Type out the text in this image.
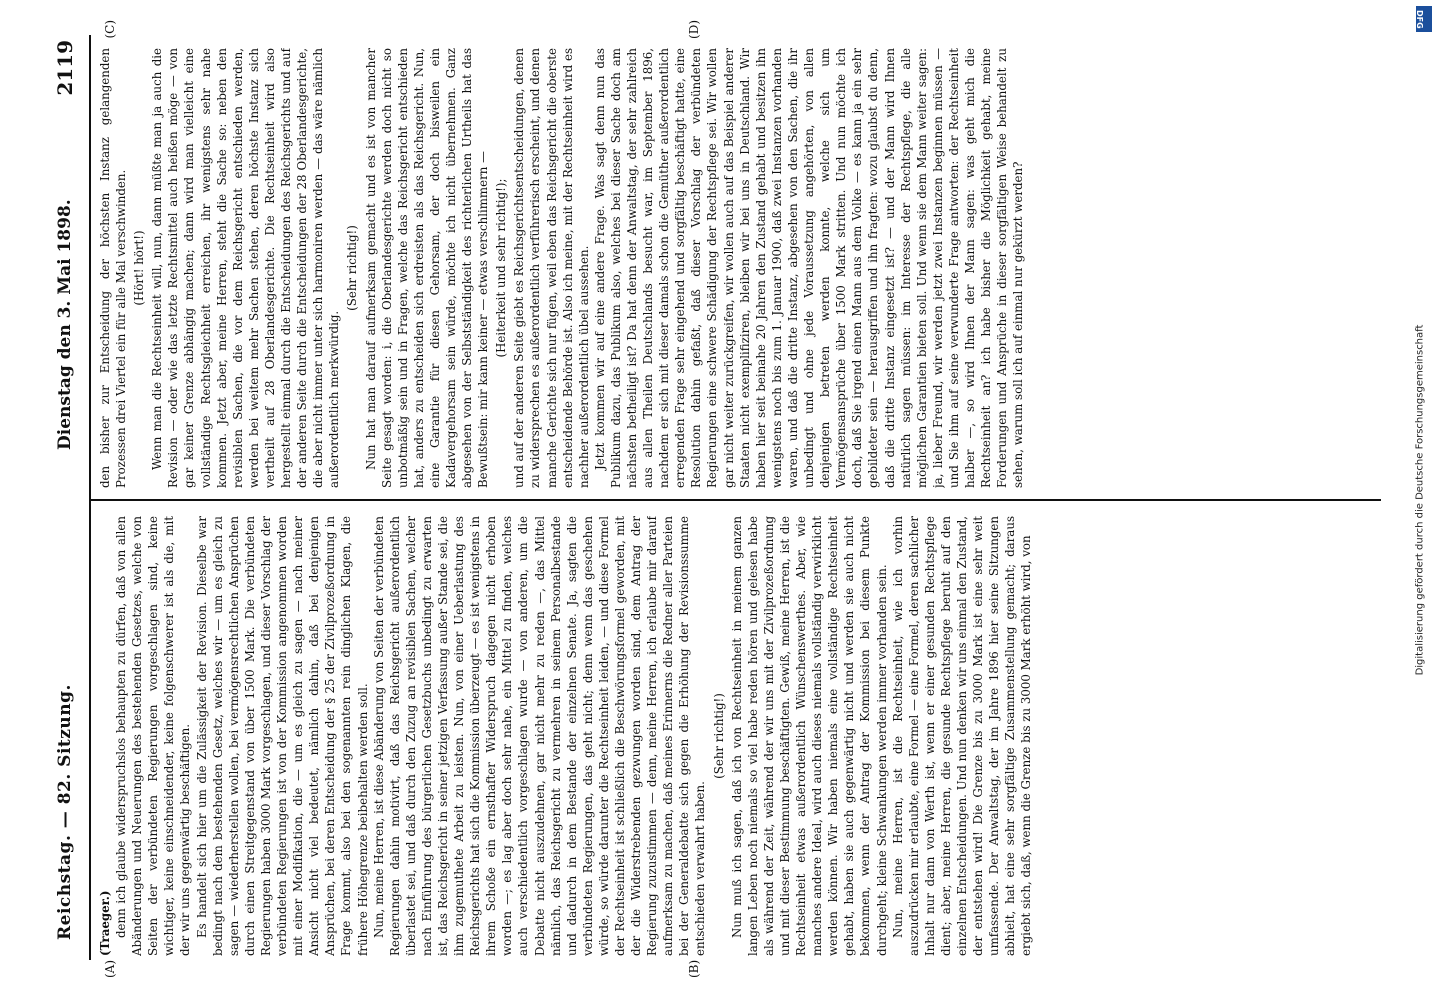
Reichstag. — 82. Sitzung.
Dienstag den 3. Mai 1898.
2119
(A)	(B)
(C)	(D)

(Traeger.) denn ich glaube widerspruchslos behaupten zu dürfen, daß von allen Abänderungen und Neuerungen des bestehenden Gesetzes, welche von Seiten der verbündeten Regierungen vorgeschlagen sind, keine wichtiger, keine einschneidender, keine folgenschwerer ist als die, mit der wir uns gegenwärtig beschäftigen. Es handelt sich hier um die Zulässigkeit der Revision. Dieselbe war bedingt nach dem bestehenden Gesetz, welches wir — um es gleich zu sagen — wiederherstellen wollen, bei vermögensrechtlichen Ansprüchen durch einen Streitgegenstand von über 1500 Mark. Die verbündeten Regierungen haben 3000 Mark vorgeschlagen, und dieser Vorschlag der verbündeten Regierungen ist von der Kommission angenommen worden mit einer Modifikation, die — um es gleich zu sagen — nach meiner Ansicht nicht viel bedeutet, nämlich dahin, daß bei denjenigen Ansprüchen, bei deren Entscheidung der § 25 der Zivilprozeßordnung in Frage kommt, also bei den sogenannten rein dinglichen Klagen, die frühere Höhegrenze beibehalten werden soll. Nun, meine Herren, ist diese Abänderung von Seiten der verbündeten Regierungen dahin motivirt, daß das Reichsgericht außerordentlich überlastet sei, und daß durch den Zuzug an revisiblen Sachen, welcher nach Einführung des bürgerlichen Gesetzbuchs unbedingt zu erwarten ist, das Reichsgericht in seiner jetzigen Verfassung außer Stande sei, die ihm zugemuthete Arbeit zu leisten. Nun, von einer Ueberlastung des Reichsgerichts hat sich die Kommission überzeugt — es ist wenigstens in ihrem Schoße ein ernsthafter Widerspruch dagegen nicht erhoben worden —; es lag aber doch sehr nahe, ein Mittel zu finden, welches auch verschiedentlich vorgeschlagen wurde — von anderen, um die Debatte nicht auszudehnen, gar nicht mehr zu reden —, das Mittel nämlich, das Reichsgericht zu vermehren in seinem Personalbestande und dadurch in dem Bestande der einzelnen Senate. Ja, sagten die verbündeten Regierungen, das geht nicht; denn wenn das geschehen würde, so würde darunter die Rechtseinheit leiden, — und diese Formel der Rechtseinheit ist schließlich die Beschwörungsformel geworden, mit der die Widerstrebenden gezwungen worden sind, dem Antrag der Regierung zuzustimmen — denn, meine Herren, ich erlaube mir darauf aufmerksam zu machen, daß meines Erinnerns die Redner aller Parteien bei der Generaldebatte sich gegen die Erhöhung der Revisionssumme entschieden verwahrt haben.

(Sehr richtig!) Nun muß ich sagen, daß ich von Rechtseinheit in meinem ganzen langen Leben noch niemals so viel habe reden hören und gelesen habe als während der Zeit, während der wir uns mit der Zivilprozeßordnung und mit dieser Bestimmung beschäftigten. Gewiß, meine Herren, ist die Rechtseinheit etwas außerordentlich Wünschenswerthes. Aber, wie manches andere Ideal, wird auch dieses niemals vollständig verwirklicht werden können. Wir haben niemals eine vollständige Rechtseinheit gehabt, haben sie auch gegenwärtig nicht und werden sie auch nicht bekommen, wenn der Antrag der Kommission bei diesem Punkte durchgeht; kleine Schwankungen werden immer vorhanden sein. Nun, meine Herren, ist die Rechtseinheit, wie ich vorhin auszudrücken mir erlaubte, eine Formel — eine Formel, deren sachlicher Inhalt nur dann von Werth ist, wenn er einer gesunden Rechtspflege dient; aber, meine Herren, die gesunde Rechtspflege beruht auf den einzelnen Entscheidungen. Und nun denken wir uns einmal den Zustand, der entstehen wird! Die Grenze bis zu 3000 Mark ist eine sehr weit umfassende. Der Anwaltstag, der im Jahre 1896 hier seine Sitzungen abhielt, hat eine sehr sorgfältige Zusammenstellung gemacht; daraus ergiebt sich, daß, wenn die Grenze bis zu 3000 Mark erhöht wird, von

den bisher zur Entscheidung der höchsten Instanz gelangenden Prozessen drei Viertel ein für alle Mal verschwinden. (Hört! hört!) Wenn man die Rechtseinheit will, nun, dann müßte man ja auch die Revision — oder wie das letzte Rechtsmittel auch heißen möge — von gar keiner Grenze abhängig machen; dann wird man vielleicht eine vollständige Rechtsgleichheit erreichen, ihr wenigstens sehr nahe kommen. Jetzt aber, meine Herren, steht die Sache so: neben den revisiblen Sachen, die vor dem Reichsgericht entschieden werden, werden bei weitem mehr Sachen stehen, deren höchste Instanz sich vertheilt auf 28 Oberlandesgerichte. Die Rechtseinheit wird also hergestellt einmal durch die Entscheidungen des Reichsgerichts und auf der anderen Seite durch die Entscheidungen der 28 Oberlandesgerichte, die aber nicht immer unter sich harmoniren werden — das wäre nämlich außerordentlich merkwürdig.

(Sehr richtig!) Nun hat man darauf aufmerksam gemacht und es ist von mancher Seite gesagt worden: i, die Oberlandesgerichte werden doch nicht so unbotmäßig sein und in Fragen, welche das Reichsgericht entschieden hat, anders zu entscheiden sich erdreisten als das Reichsgericht. Nun, eine Garantie für diesen Gehorsam, der doch bisweilen ein Kadavergehorsam sein würde, möchte ich nicht übernehmen. Ganz abgesehen von der Selbstständigkeit des richterlichen Urtheils hat das Bewußtsein: mir kann keiner — etwas verschlimmern — (Heiterkeit und sehr richtig!); und auf der anderen Seite giebt es Reichsgerichtsentscheidungen, denen zu widersprechen es außerordentlich verführerisch erscheint, und denen manche Gerichte sich nur fügen, weil eben das Reichsgericht die oberste entscheidende Behörde ist. Also ich meine, mit der Rechtseinheit wird es nachher außerordentlich übel aussehen. Jetzt kommen wir auf eine andere Frage. Was sagt denn nun das Publikum dazu, das Publikum also, welches bei dieser Sache doch am nächsten betheiligt ist? Da hat denn der Anwaltstag, der sehr zahlreich aus allen Theilen Deutschlands besucht war, im September 1896, nachdem er sich mit dieser damals schon die Gemüther außerordentlich erregenden Frage sehr eingehend und sorgfältig beschäftigt hatte, eine Resolution dahin gefaßt, daß dieser Vorschlag der verbündeten Regierungen eine schwere Schädigung der Rechtspflege sei. Wir wollen gar nicht weiter zurückgreifen, wir wollen auch auf das Beispiel anderer Staaten nicht exemplifiziren, bleiben wir bei uns in Deutschland. Wir haben hier seit beinahe 20 Jahren den Zustand gehabt und besitzen ihn wenigstens noch bis zum 1. Januar 1900, daß zwei Instanzen vorhanden waren, und daß die dritte Instanz, abgesehen von den Sachen, die ihr unbedingt und ohne jede Voraussetzung angehörten, von allen denjenigen betreten werden konnte, welche sich um Vermögensansprüche über 1500 Mark stritten. Und nun möchte ich doch, daß Sie irgend einen Mann aus dem Volke — es kann ja ein sehr gebildeter sein — herausgriffen und ihn fragten: wozu glaubst du denn, daß die dritte Instanz eingesetzt ist? — und der Mann wird Ihnen natürlich sagen müssen: im Interesse der Rechtspflege, die alle möglichen Garantien bieten soll. Und wenn sie dem Mann weiter sagen: ja, lieber Freund, wir werden jetzt zwei Instanzen beginnen müssen — und Sie ihm auf seine verwunderte Frage antworten: der Rechtseinheit halber —, so wird Ihnen der Mann sagen: was geht mich die Rechtseinheit an? ich habe bisher die Möglichkeit gehabt, meine Forderungen und Ansprüche in dieser sorgfältigen Weise behandelt zu sehen, warum soll ich auf einmal nur gekürzt werden?

DFG
Digitalisierung gefördert durch die Deutsche Forschungsgemeinschaft
